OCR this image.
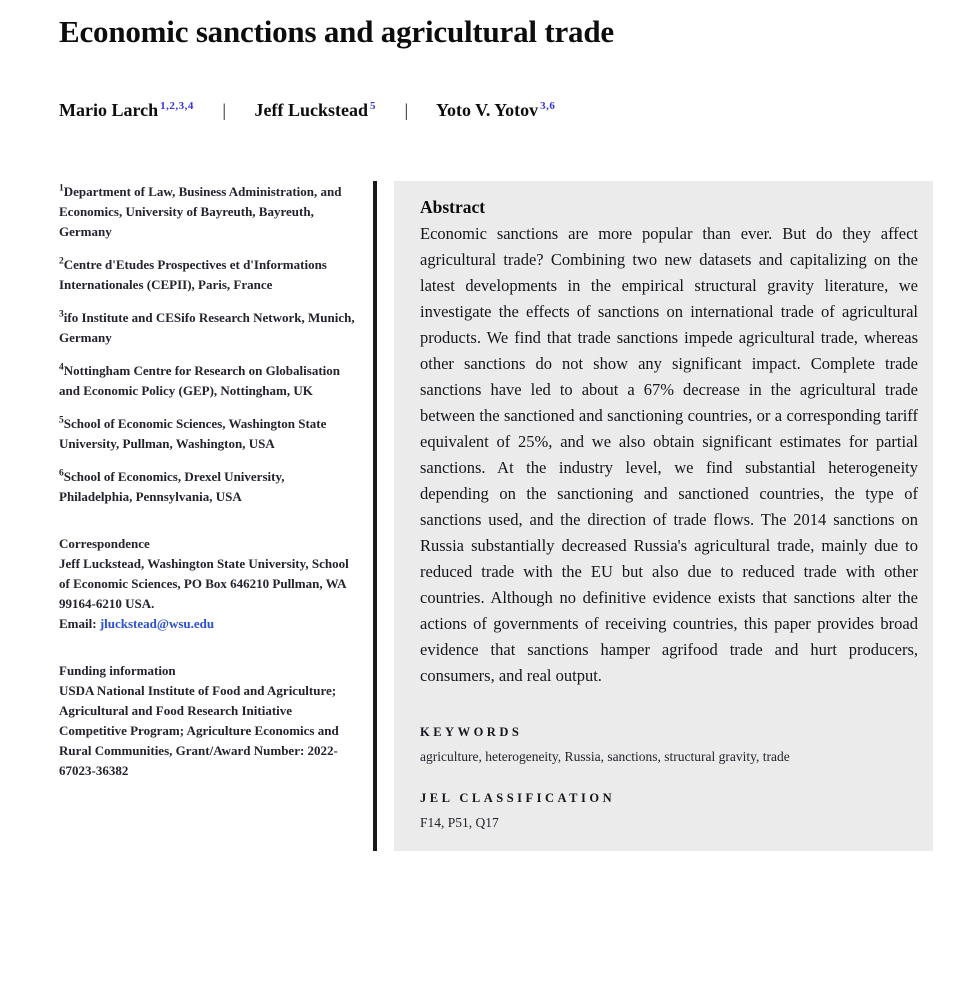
Economic sanctions and agricultural trade
Mario Larch $^{1,2,3,4}$ | Jeff Luckstead $^5$ | Yoto V. Yotov $^{3,6}$

$^1$Department of Law, Business Administration, and Economics, University of Bayreuth, Bayreuth, Germany

$^2$Centre d'Etudes Prospectives et d'Informations Internationales (CEPII), Paris, France

$^3$ifo Institute and CESifo Research Network, Munich, Germany

$^4$Nottingham Centre for Research on Globalisation and Economic Policy (GEP), Nottingham, UK

$^5$School of Economic Sciences, Washington State University, Pullman, Washington, USA

$^6$School of Economics, Drexel University, Philadelphia, Pennsylvania, USA

Correspondence

Jeff Luckstead, Washington State University, School of Economic Sciences, PO Box 646210 Pullman, WA 99164-6210 USA.

Email: jluckstead@wsu.edu

Funding information

USDA National Institute of Food and Agriculture; Agricultural and Food Research Initiative Competitive Program; Agriculture Economics and Rural Communities, Grant/Award Number: 2022-67023-36382

Abstract

Economic sanctions are more popular than ever. But do they affect agricultural trade? Combining two new datasets and capitalizing on the latest developments in the empirical structural gravity literature, we investigate the effects of sanctions on international trade of agricultural products. We find that trade sanctions impede agricultural trade, whereas other sanctions do not show any significant impact. Complete trade sanctions have led to about a 67% decrease in the agricultural trade between the sanctioned and sanctioning countries, or a corresponding tariff equivalent of 25%, and we also obtain significant estimates for partial sanctions. At the industry level, we find substantial heterogeneity depending on the sanctioning and sanctioned countries, the type of sanctions used, and the direction of trade flows. The 2014 sanctions on Russia substantially decreased Russia's agricultural trade, mainly due to reduced trade with the EU but also due to reduced trade with other countries. Although no definitive evidence exists that sanctions alter the actions of governments of receiving countries, this paper provides broad evidence that sanctions hamper agrifood trade and hurt producers, consumers, and real output.

KEYWORDS

agriculture, heterogeneity, Russia, sanctions, structural gravity, trade

JEL CLASSIFICATION

F14, P51, Q17
